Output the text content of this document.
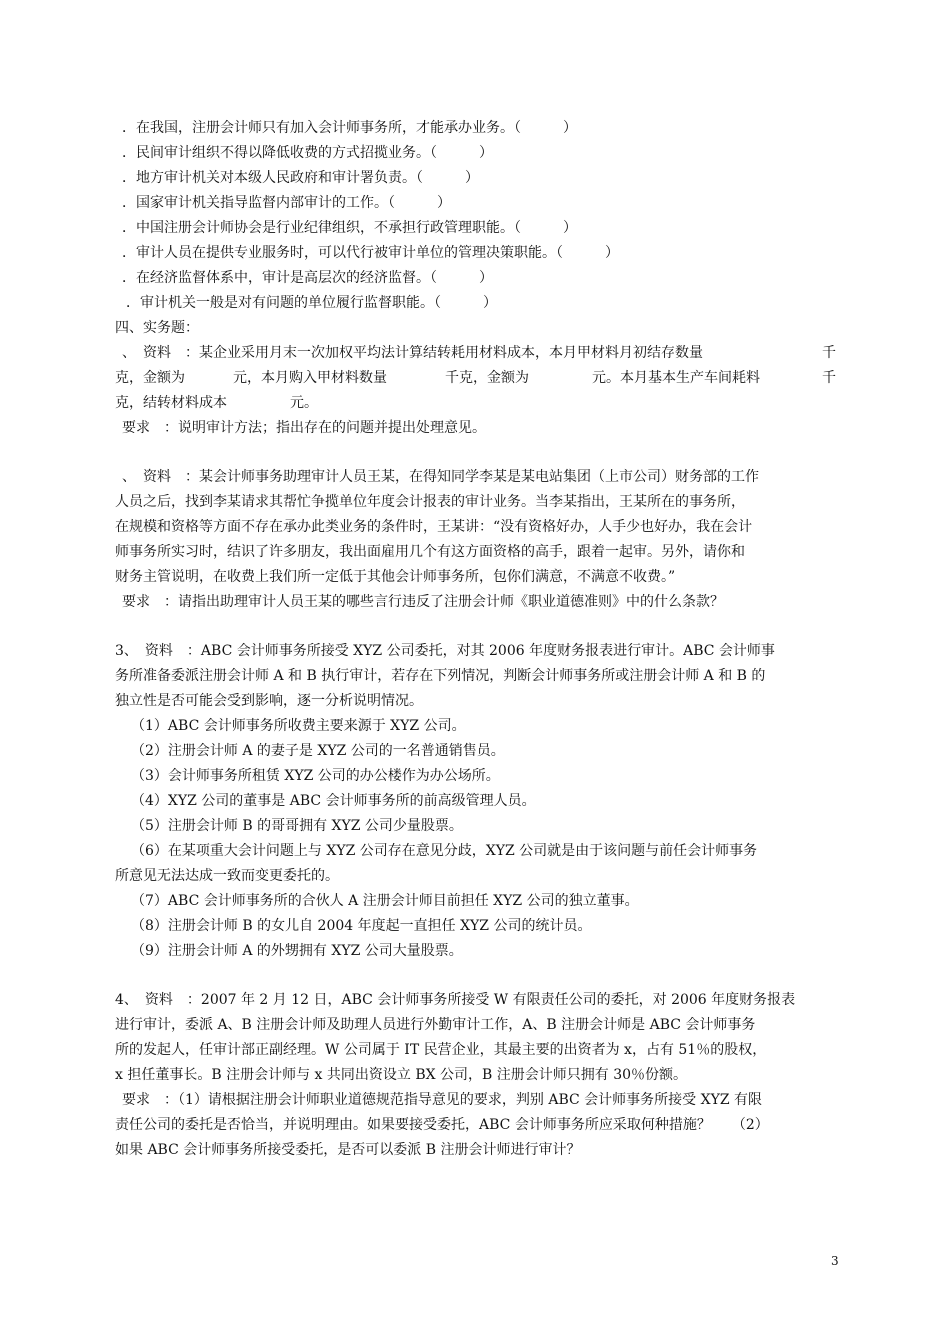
．在我国，注册会计师只有加入会计师事务所，才能承办业务。（　　　）
．民间审计组织不得以降低收费的方式招揽业务。（　　　）
．地方审计机关对本级人民政府和审计署负责。（　　　）
．国家审计机关指导监督内部审计的工作。（　　　）
．中国注册会计师协会是行业纪律组织，不承担行政管理职能。（　　　）
．审计人员在提供专业服务时，可以代行被审计单位的管理决策职能。（　　　）
．在经济监督体系中，审计是高层次的经济监督。（　　　）
．审计机关一般是对有问题的单位履行监督职能。（　　　）
四、实务题：
、　资料　：某企业采用月末一次加权平均法计算结转耗用材料成本，本月甲材料月初结存数量	千
克，金额为	元，本月购入甲材料数量	千克，金额为	元。本月基本生产车间耗料	千
克，结转材料成本	元。
要求　：说明审计方法；指出存在的问题并提出处理意见。
、　资料　：某会计师事务助理审计人员王某，在得知同学李某是某电站集团（上市公司）财务部的工作
人员之后，找到李某请求其帮忙争揽单位年度会计报表的审计业务。当李某指出，王某所在的事务所，
在规模和资格等方面不存在承办此类业务的条件时，王某讲：“没有资格好办，人手少也好办，我在会计
师事务所实习时，结识了许多朋友，我出面雇用几个有这方面资格的高手，跟着一起审。另外，请你和
财务主管说明，在收费上我们所一定低于其他会计师事务所，包你们满意，不满意不收费。”
要求　：请指出助理审计人员王某的哪些言行违反了注册会计师《职业道德准则》中的什么条款？
3、　资料　：ABC 会计师事务所接受 XYZ 公司委托，对其 2006 年度财务报表进行审计。ABC 会计师事
务所准备委派注册会计师 A 和 B 执行审计，若存在下列情况，判断会计师事务所或注册会计师 A 和 B 的
独立性是否可能会受到影响，逐一分析说明情况。
（1）ABC 会计师事务所收费主要来源于 XYZ 公司。
（2）注册会计师 A 的妻子是 XYZ 公司的一名普通销售员。
（3）会计师事务所租赁 XYZ 公司的办公楼作为办公场所。
（4）XYZ 公司的董事是 ABC 会计师事务所的前高级管理人员。
（5）注册会计师 B 的哥哥拥有 XYZ 公司少量股票。
（6）在某项重大会计问题上与 XYZ 公司存在意见分歧，XYZ 公司就是由于该问题与前任会计师事务
所意见无法达成一致而变更委托的。
（7）ABC 会计师事务所的合伙人 A 注册会计师目前担任 XYZ 公司的独立董事。
（8）注册会计师 B 的女儿自 2004 年度起一直担任 XYZ 公司的统计员。
（9）注册会计师 A 的外甥拥有 XYZ 公司大量股票。
4、　资料　：2007 年 2 月 12 日，ABC 会计师事务所接受 W 有限责任公司的委托，对 2006 年度财务报表
进行审计，委派 A、B 注册会计师及助理人员进行外勤审计工作，A、B 注册会计师是 ABC 会计师事务
所的发起人，任审计部正副经理。W 公司属于 IT 民营企业，其最主要的出资者为 x，占有 51％的股权，
x 担任董事长。B 注册会计师与 x 共同出资设立 BX 公司，B 注册会计师只拥有 30％份额。
要求　：（1）请根据注册会计师职业道德规范指导意见的要求，判别 ABC 会计师事务所接受 XYZ 有限
责任公司的委托是否恰当，并说明理由。如果要接受委托，ABC 会计师事务所应采取何种措施？　　（2）
如果 ABC 会计师事务所接受委托，是否可以委派 B 注册会计师进行审计？
3
